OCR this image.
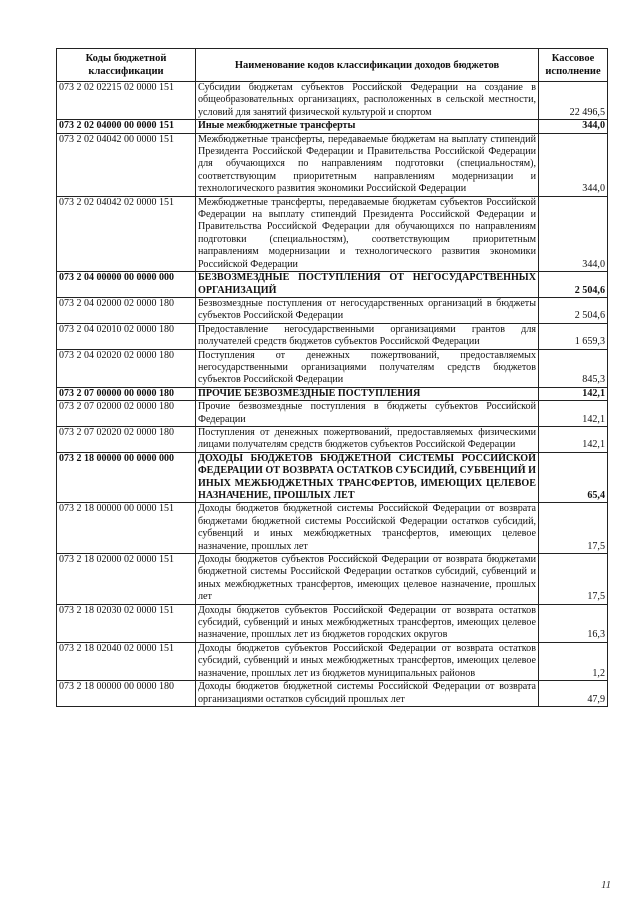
Коды бюджетной классификации	Наименование кодов классификации доходов бюджетов	Кассовое исполнение
073 2 02 02215 02 0000 151	Субсидии бюджетам субъектов Российской Федерации на создание в общеобразовательных организациях, расположенных в сельской местности, условий для занятий физической культурой и спортом	22 496,5
073 2 02 04000 00 0000 151	Иные межбюджетные трансферты	344,0
073 2 02 04042 00 0000 151	Межбюджетные трансферты, передаваемые бюджетам на выплату стипендий Президента Российской Федерации и Правительства Российской Федерации для обучающихся по направлениям подготовки (специальностям), соответствующим приоритетным направлениям модернизации и технологического развития экономики Российской Федерации	344,0
073 2 02 04042 02 0000 151	Межбюджетные трансферты, передаваемые бюджетам субъектов Российской Федерации на выплату стипендий Президента Российской Федерации и Правительства Российской Федерации для обучающихся по направлениям подготовки (специальностям), соответствующим приоритетным направлениям модернизации и технологического развития экономики Российской Федерации	344,0
073 2 04 00000 00 0000 000	БЕЗВОЗМЕЗДНЫЕ ПОСТУПЛЕНИЯ ОТ НЕГОСУДАРСТВЕННЫХ ОРГАНИЗАЦИЙ	2 504,6
073 2 04 02000 02 0000 180	Безвозмездные поступления от негосударственных организаций в бюджеты субъектов Российской Федерации	2 504,6
073 2 04 02010 02 0000 180	Предоставление негосударственными организациями грантов для получателей средств бюджетов субъектов Российской Федерации	1 659,3
073 2 04 02020 02 0000 180	Поступления от денежных пожертвований, предоставляемых негосударственными организациями получателям средств бюджетов субъектов Российской Федерации	845,3
073 2 07 00000 00 0000 180	ПРОЧИЕ БЕЗВОЗМЕЗДНЫЕ ПОСТУПЛЕНИЯ	142,1
073 2 07 02000 02 0000 180	Прочие безвозмездные поступления в бюджеты субъектов Российской Федерации	142,1
073 2 07 02020 02 0000 180	Поступления от денежных пожертвований, предоставляемых физическими лицами получателям средств бюджетов субъектов Российской Федерации	142,1
073 2 18 00000 00 0000 000	ДОХОДЫ БЮДЖЕТОВ БЮДЖЕТНОЙ СИСТЕМЫ РОССИЙСКОЙ ФЕДЕРАЦИИ ОТ ВОЗВРАТА ОСТАТКОВ СУБСИДИЙ, СУБВЕНЦИЙ И ИНЫХ МЕЖБЮДЖЕТНЫХ ТРАНСФЕРТОВ, ИМЕЮЩИХ ЦЕЛЕВОЕ НАЗНАЧЕНИЕ, ПРОШЛЫХ ЛЕТ	65,4
073 2 18 00000 00 0000 151	Доходы бюджетов бюджетной системы Российской Федерации от возврата бюджетами бюджетной системы Российской Федерации остатков субсидий, субвенций и иных межбюджетных трансфертов, имеющих целевое назначение, прошлых лет	17,5
073 2 18 02000 02 0000 151	Доходы бюджетов субъектов Российской Федерации от возврата бюджетами бюджетной системы Российской Федерации остатков субсидий, субвенций и иных межбюджетных трансфертов, имеющих целевое назначение, прошлых лет	17,5
073 2 18 02030 02 0000 151	Доходы бюджетов субъектов Российской Федерации от возврата остатков субсидий, субвенций и иных межбюджетных трансфертов, имеющих целевое назначение, прошлых лет из бюджетов городских округов	16,3
073 2 18 02040 02 0000 151	Доходы бюджетов субъектов Российской Федерации от возврата остатков субсидий, субвенций и иных межбюджетных трансфертов, имеющих целевое назначение, прошлых лет из бюджетов муниципальных районов	1,2
073 2 18 00000 00 0000 180	Доходы бюджетов бюджетной системы Российской Федерации от возврата организациями остатков субсидий прошлых лет	47,9
11
